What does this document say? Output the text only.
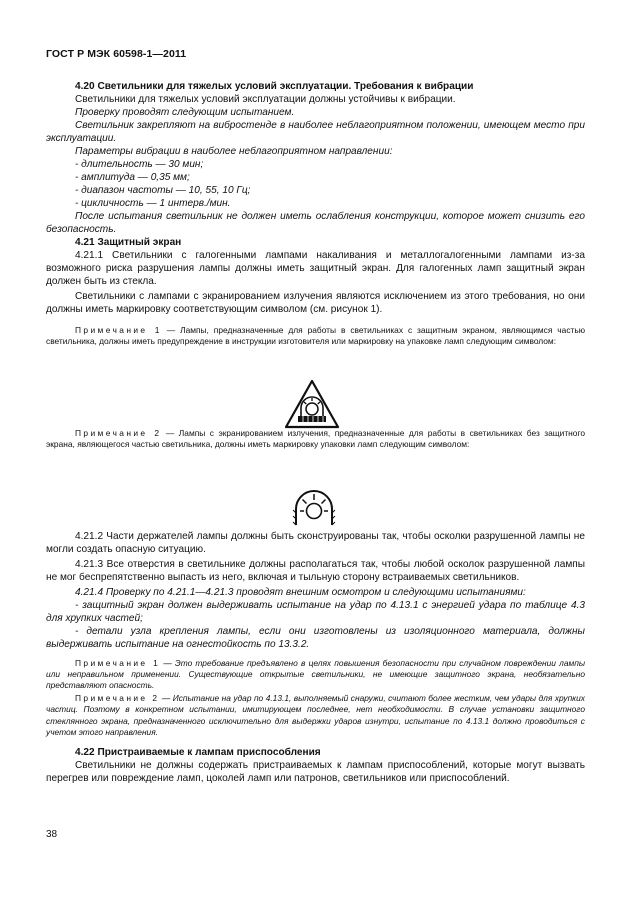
ГОСТ Р МЭК 60598-1—2011

4.20 Светильники для тяжелых условий эксплуатации. Требования к вибрации

Светильники для тяжелых условий эксплуатации должны устойчивы к вибрации.

Проверку проводят следующим испытанием.

Светильник закрепляют на вибростенде в наиболее неблагоприятном положении, имеющем место при эксплуатации.

Параметры вибрации в наиболее неблагоприятном направлении:

- длительность — 30 мин;

- амплитуда — 0,35 мм;

- диапазон частоты — 10, 55, 10 Гц;

- цикличность — 1 интерв./мин.

После испытания светильник не должен иметь ослабления конструкции, которое может снизить его безопасность.

4.21 Защитный экран

4.21.1 Светильники с галогенными лампами накаливания и металлогалогенными лампами из-за возможного риска разрушения лампы должны иметь защитный экран. Для галогенных ламп защитный экран должен быть из стекла.

Светильники с лампами с экранированием излучения являются исключением из этого требования, но они должны иметь маркировку соответствующим символом (см. рисунок 1).

Примечание 1 — Лампы, предназначенные для работы в светильниках с защитным экраном, являющимся частью светильника, должны иметь предупреждение в инструкции изготовителя или маркировку на упаковке ламп следующим символом:

Примечание 2 — Лампы с экранированием излучения, предназначенные для работы в светильниках без защитного экрана, являющегося частью светильника, должны иметь маркировку упаковки ламп следующим символом:

4.21.2 Части держателей лампы должны быть сконструированы так, чтобы осколки разрушенной лампы не могли создать опасную ситуацию.

4.21.3 Все отверстия в светильнике должны располагаться так, чтобы любой осколок разрушенной лампы не мог беспрепятственно выпасть из него, включая и тыльную сторону встраиваемых светильников.

4.21.4 Проверку по 4.21.1—4.21.3 проводят внешним осмотром и следующими испытаниями:

- защитный экран должен выдерживать испытание на удар по 4.13.1 с энергией удара по таблице 4.3 для хрупких частей;

- детали узла крепления лампы, если они изготовлены из изоляционного материала, должны выдерживать испытание на огнестойкость по 13.3.2.

Примечание 1 — Это требование предъявлено в целях повышения безопасности при случайном повреждении лампы или неправильном применении. Существующие открытые светильники, не имеющие защитного экрана, необязательно представляют опасность.

Примечание 2 — Испытание на удар по 4.13.1, выполняемый снаружи, считают более жестким, чем удары для хрупких частиц. Поэтому в конкретном испытании, имитирующем последнее, нет необходимости. В случае установки защитного стеклянного экрана, предназначенного исключительно для выдержки ударов изнутри, испытание по 4.13.1 должно проводиться с учетом этого направления.

4.22 Пристраиваемые к лампам приспособления

Светильники не должны содержать пристраиваемых к лампам приспособлений, которые могут вызвать перегрев или повреждение ламп, цоколей ламп или патронов, светильников или приспособлений.

38
